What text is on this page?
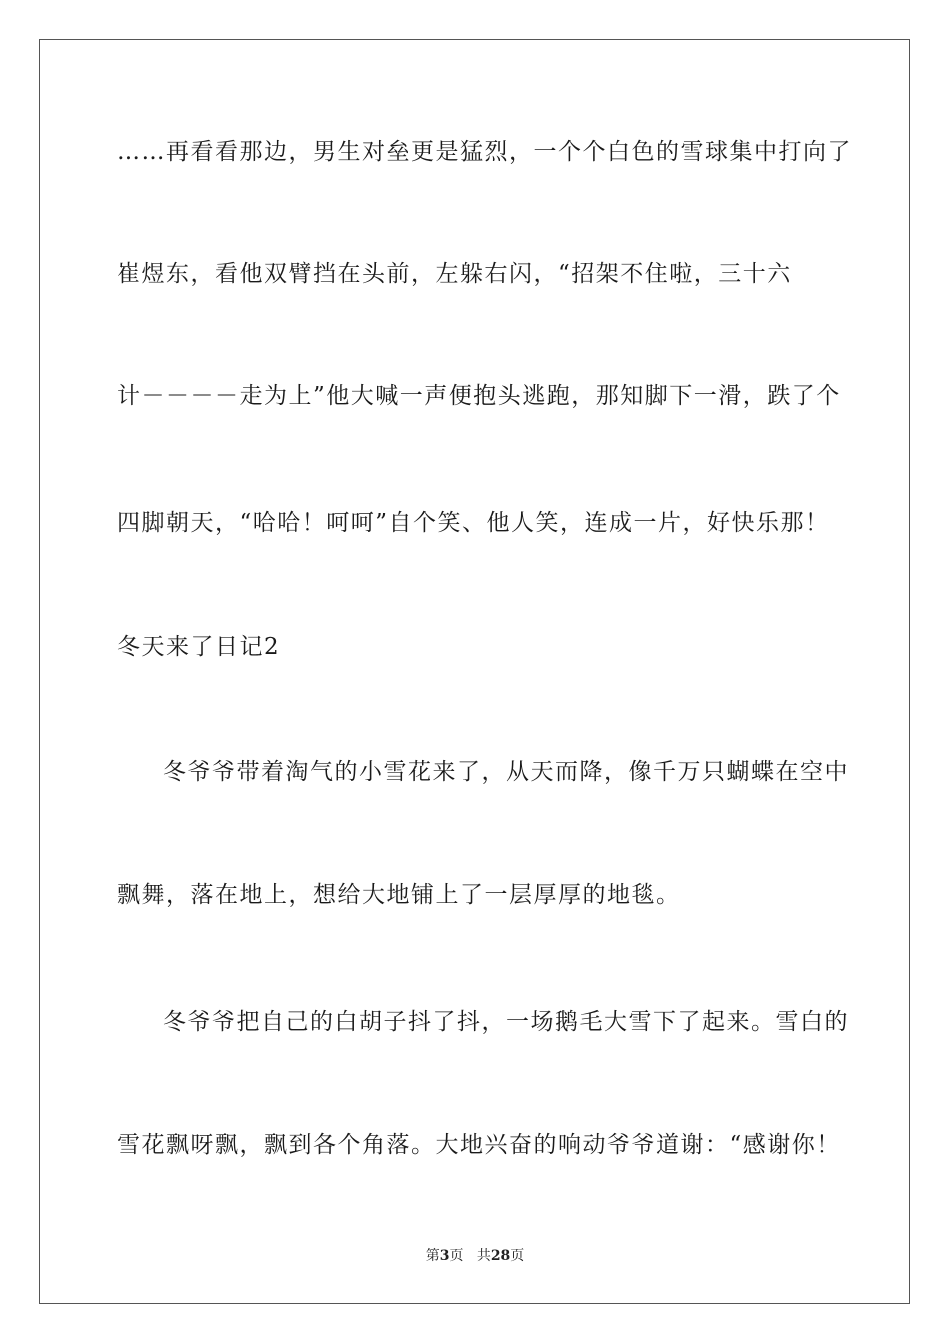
……再看看那边，男生对垒更是猛烈，一个个白色的雪球集中打向了
崔煜东，看他双臂挡在头前，左躲右闪，“招架不住啦，三十六
计－－－－走为上”他大喊一声便抱头逃跑，那知脚下一滑，跌了个
四脚朝天，“哈哈！呵呵”自个笑、他人笑，连成一片，好快乐那！
冬天来了日记2
冬爷爷带着淘气的小雪花来了，从天而降，像千万只蝴蝶在空中
飘舞，落在地上，想给大地铺上了一层厚厚的地毯。
冬爷爷把自己的白胡子抖了抖，一场鹅毛大雪下了起来。雪白的
雪花飘呀飘，飘到各个角落。大地兴奋的响动爷爷道谢：“感谢你！
第3页 共28页
